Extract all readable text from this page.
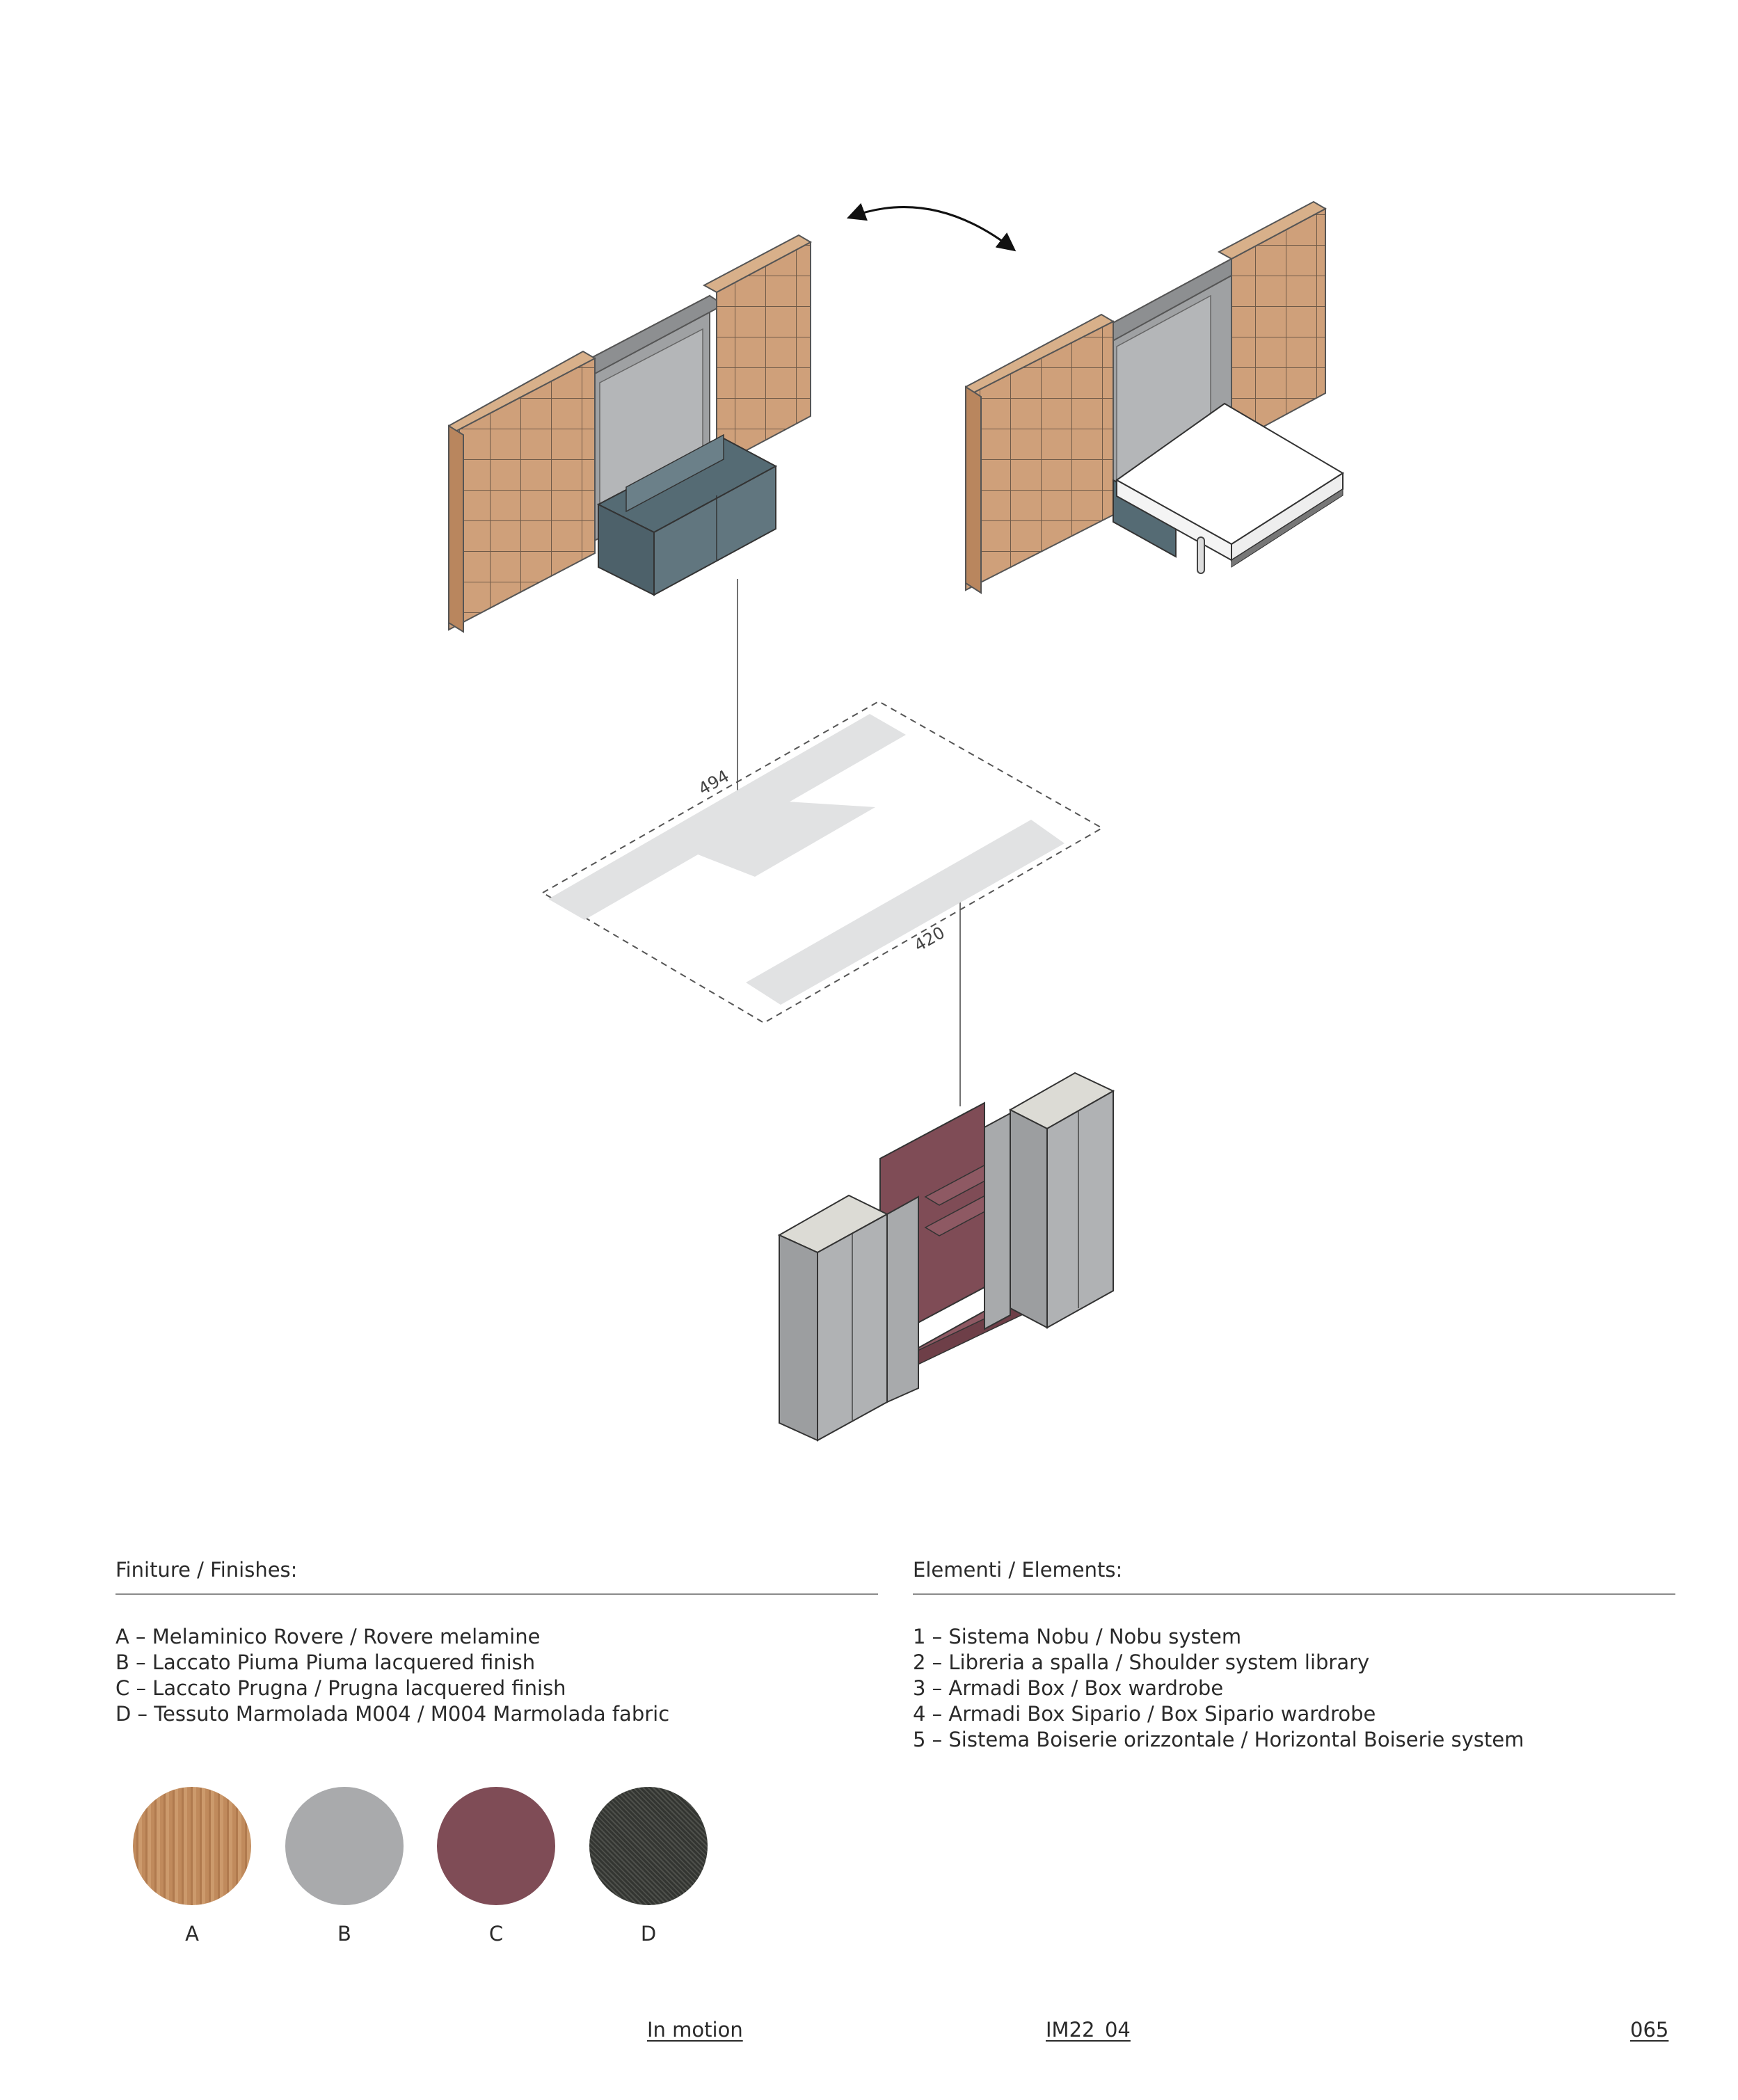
494
420
Finiture / Finishes:
A – Melaminico Rovere / Rovere melamine
B – Laccato Piuma Piuma lacquered finish
C – Laccato Prugna / Prugna lacquered finish
D – Tessuto Marmolada M004 / M004 Marmolada fabric
Elementi / Elements:
1 – Sistema Nobu / Nobu system
2 – Libreria a spalla / Shoulder system library
3 – Armadi Box / Box wardrobe
4 – Armadi Box Sipario / Box Sipario wardrobe
5 – Sistema Boiserie orizzontale / Horizontal Boiserie system
A	B	C	D
In motion	IM22_04	065
